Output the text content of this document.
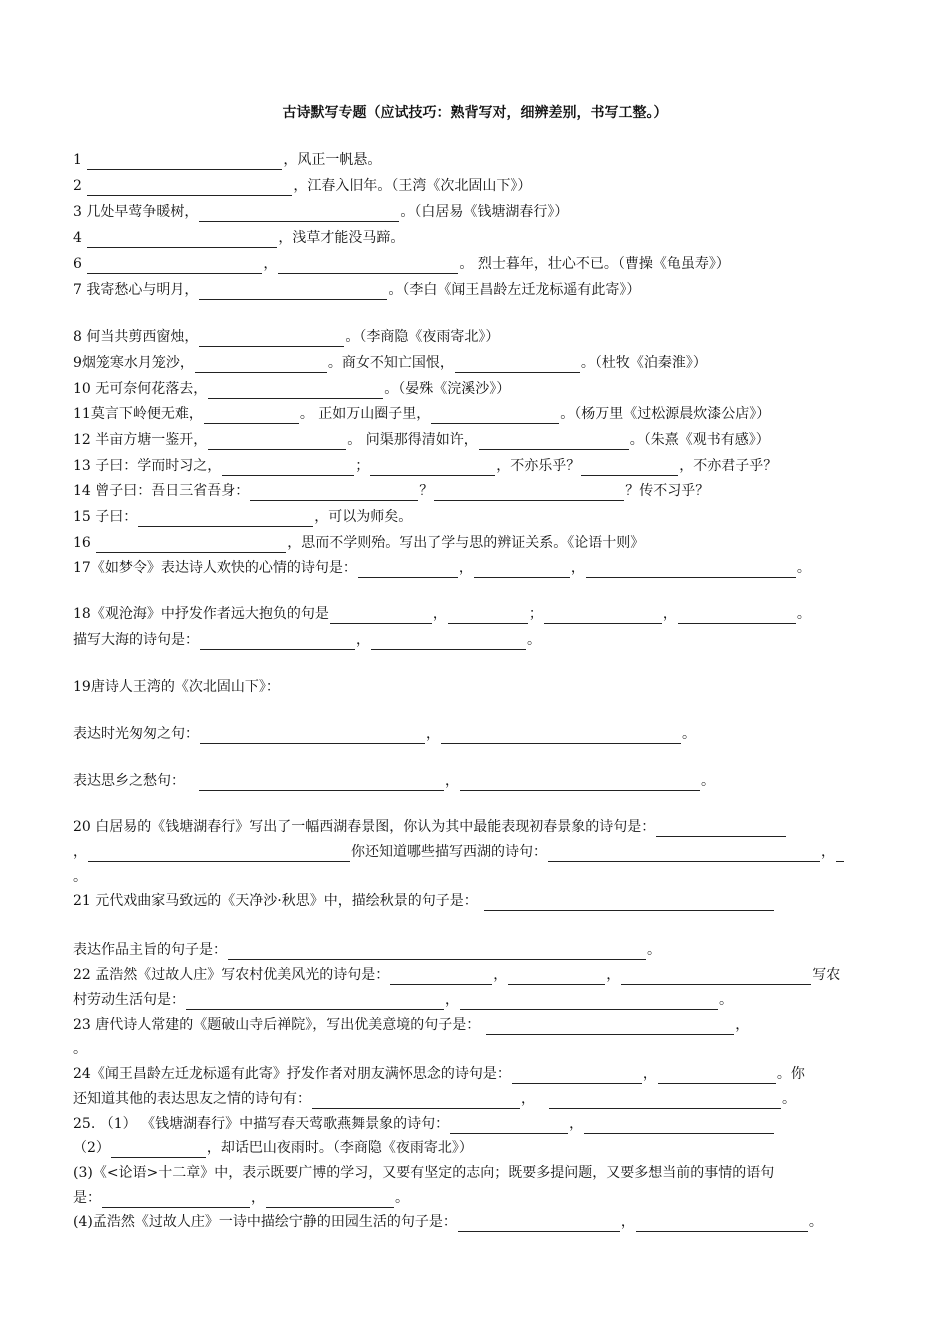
古诗默写专题（应试技巧：熟背写对，细辨差别，书写工整。）
1	，风正一帆悬。
2	，江春入旧年。（王湾《次北固山下》）
3 几处早莺争暖树，	。（白居易《钱塘湖春行》）
4	，浅草才能没马蹄。
6	，	。 烈士暮年，壮心不已。（曹操《龟虽寿》）
7 我寄愁心与明月，	。（李白《闻王昌龄左迁龙标遥有此寄》）
8 何当共剪西窗烛，	。（李商隐《夜雨寄北》）
9烟笼寒水月笼沙，	。商女不知亡国恨，	。（杜牧《泊秦淮》）
10 无可奈何花落去，	。（晏殊《浣溪沙》）
11莫言下岭便无难，	。 正如万山圈子里，	。（杨万里《过松源晨炊漆公店》）
12 半亩方塘一鉴开，	。 问渠那得清如许，	。（朱熹《观书有感》）
13 子曰：学而时习之，	；	，不亦乐乎？	，不亦君子乎？
14 曾子曰：吾日三省吾身：	？	？传不习乎？
15 子曰：	，可以为师矣。
16	，思而不学则殆。写出了学与思的辨证关系。《论语十则》
17《如梦令》表达诗人欢快的心情的诗句是：	，	，	。
18《观沧海》中抒发作者远大抱负的句是	，	；	，	。
描写大海的诗句是：	，	。
19唐诗人王湾的《次北固山下》：
表达时光匆匆之句：	，	。
表达思乡之愁句：	，	。
20 白居易的《钱塘湖春行》写出了一幅西湖春景图，你认为其中最能表现初春景象的诗句是：
，	你还知道哪些描写西湖的诗句：	，
。
21 元代戏曲家马致远的《天净沙·秋思》中，描绘秋景的句子是：
表达作品主旨的句子是：	。
22 孟浩然《过故人庄》写农村优美风光的诗句是：	，	，	写农
村劳动生活句是：	，	。
23 唐代诗人常建的《题破山寺后禅院》，写出优美意境的句子是：	，
。
24《闻王昌龄左迁龙标遥有此寄》抒发作者对朋友满怀思念的诗句是：	，	。你
还知道其他的表达思友之情的诗句有：	，	。
25. （1） 《钱塘湖春行》中描写春天莺歌燕舞景象的诗句：	，
（2）	，却话巴山夜雨时。（李商隐《夜雨寄北》）
(3)《<论语>十二章》中，表示既要广博的学习，又要有坚定的志向；既要多提问题，又要多想当前的事情的语句
是：	，	。
(4)孟浩然《过故人庄》一诗中描绘宁静的田园生活的句子是：	，	。
